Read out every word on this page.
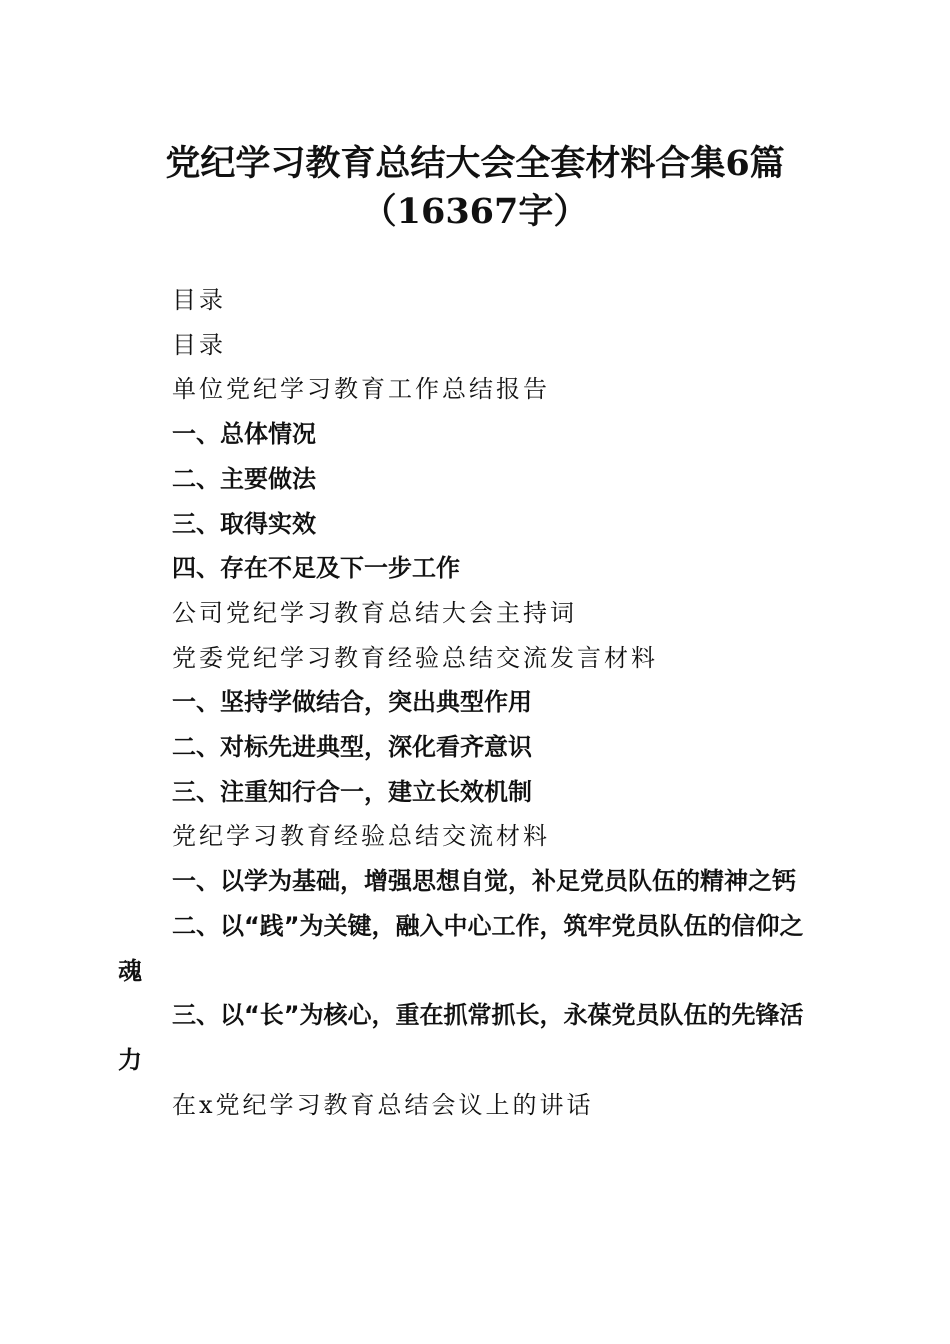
党纪学习教育总结大会全套材料合集6篇
（16367字）

目录

目录

单位党纪学习教育工作总结报告

一、总体情况

二、主要做法

三、取得实效

四、存在不足及下一步工作

公司党纪学习教育总结大会主持词

党委党纪学习教育经验总结交流发言材料

一、坚持学做结合，突出典型作用

二、对标先进典型，深化看齐意识

三、注重知行合一，建立长效机制

党纪学习教育经验总结交流材料

一、以学为基础，增强思想自觉，补足党员队伍的精神之钙

二、以“践”为关键，融入中心工作，筑牢党员队伍的信仰之魂

三、以“长”为核心，重在抓常抓长，永葆党员队伍的先锋活力

在x党纪学习教育总结会议上的讲话
